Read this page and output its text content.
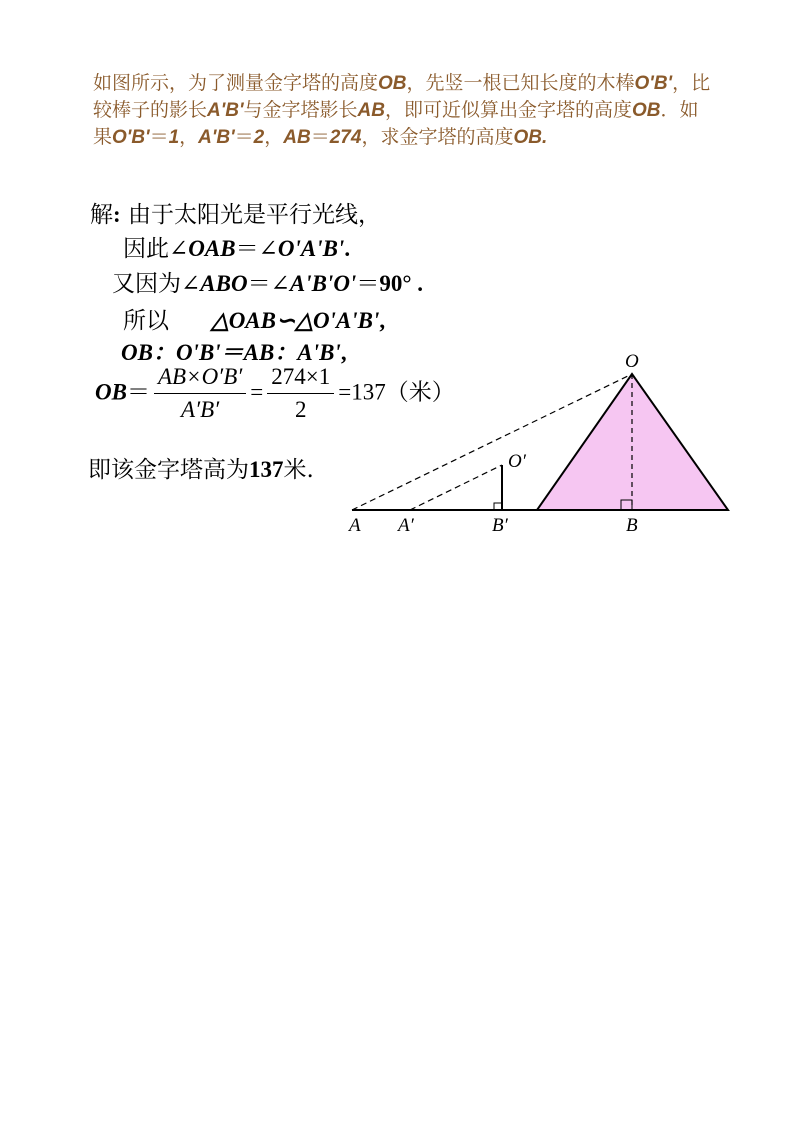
如图所示，为了测量金字塔的高度OB，先竖一根已知长度的木棒O'B'，比较棒子的影长A'B'与金字塔影长AB，即可近似算出金字塔的高度OB．如果O'B'＝1，A'B'＝2，AB＝274，求金字塔的高度OB.
解: 由于太阳光是平行光线，
因此∠OAB＝∠O'A'B'.
又因为∠ABO＝∠A'B'O'＝90° .
所以 △OAB∽△O'A'B',
OB：O'B'＝AB：A'B',
$OB= \frac{AB\times O'B'}{A'B'} = \frac{274\times 1}{2} =137$（米）
即该金字塔高为137米.
O
O′
A A′	B′	B
